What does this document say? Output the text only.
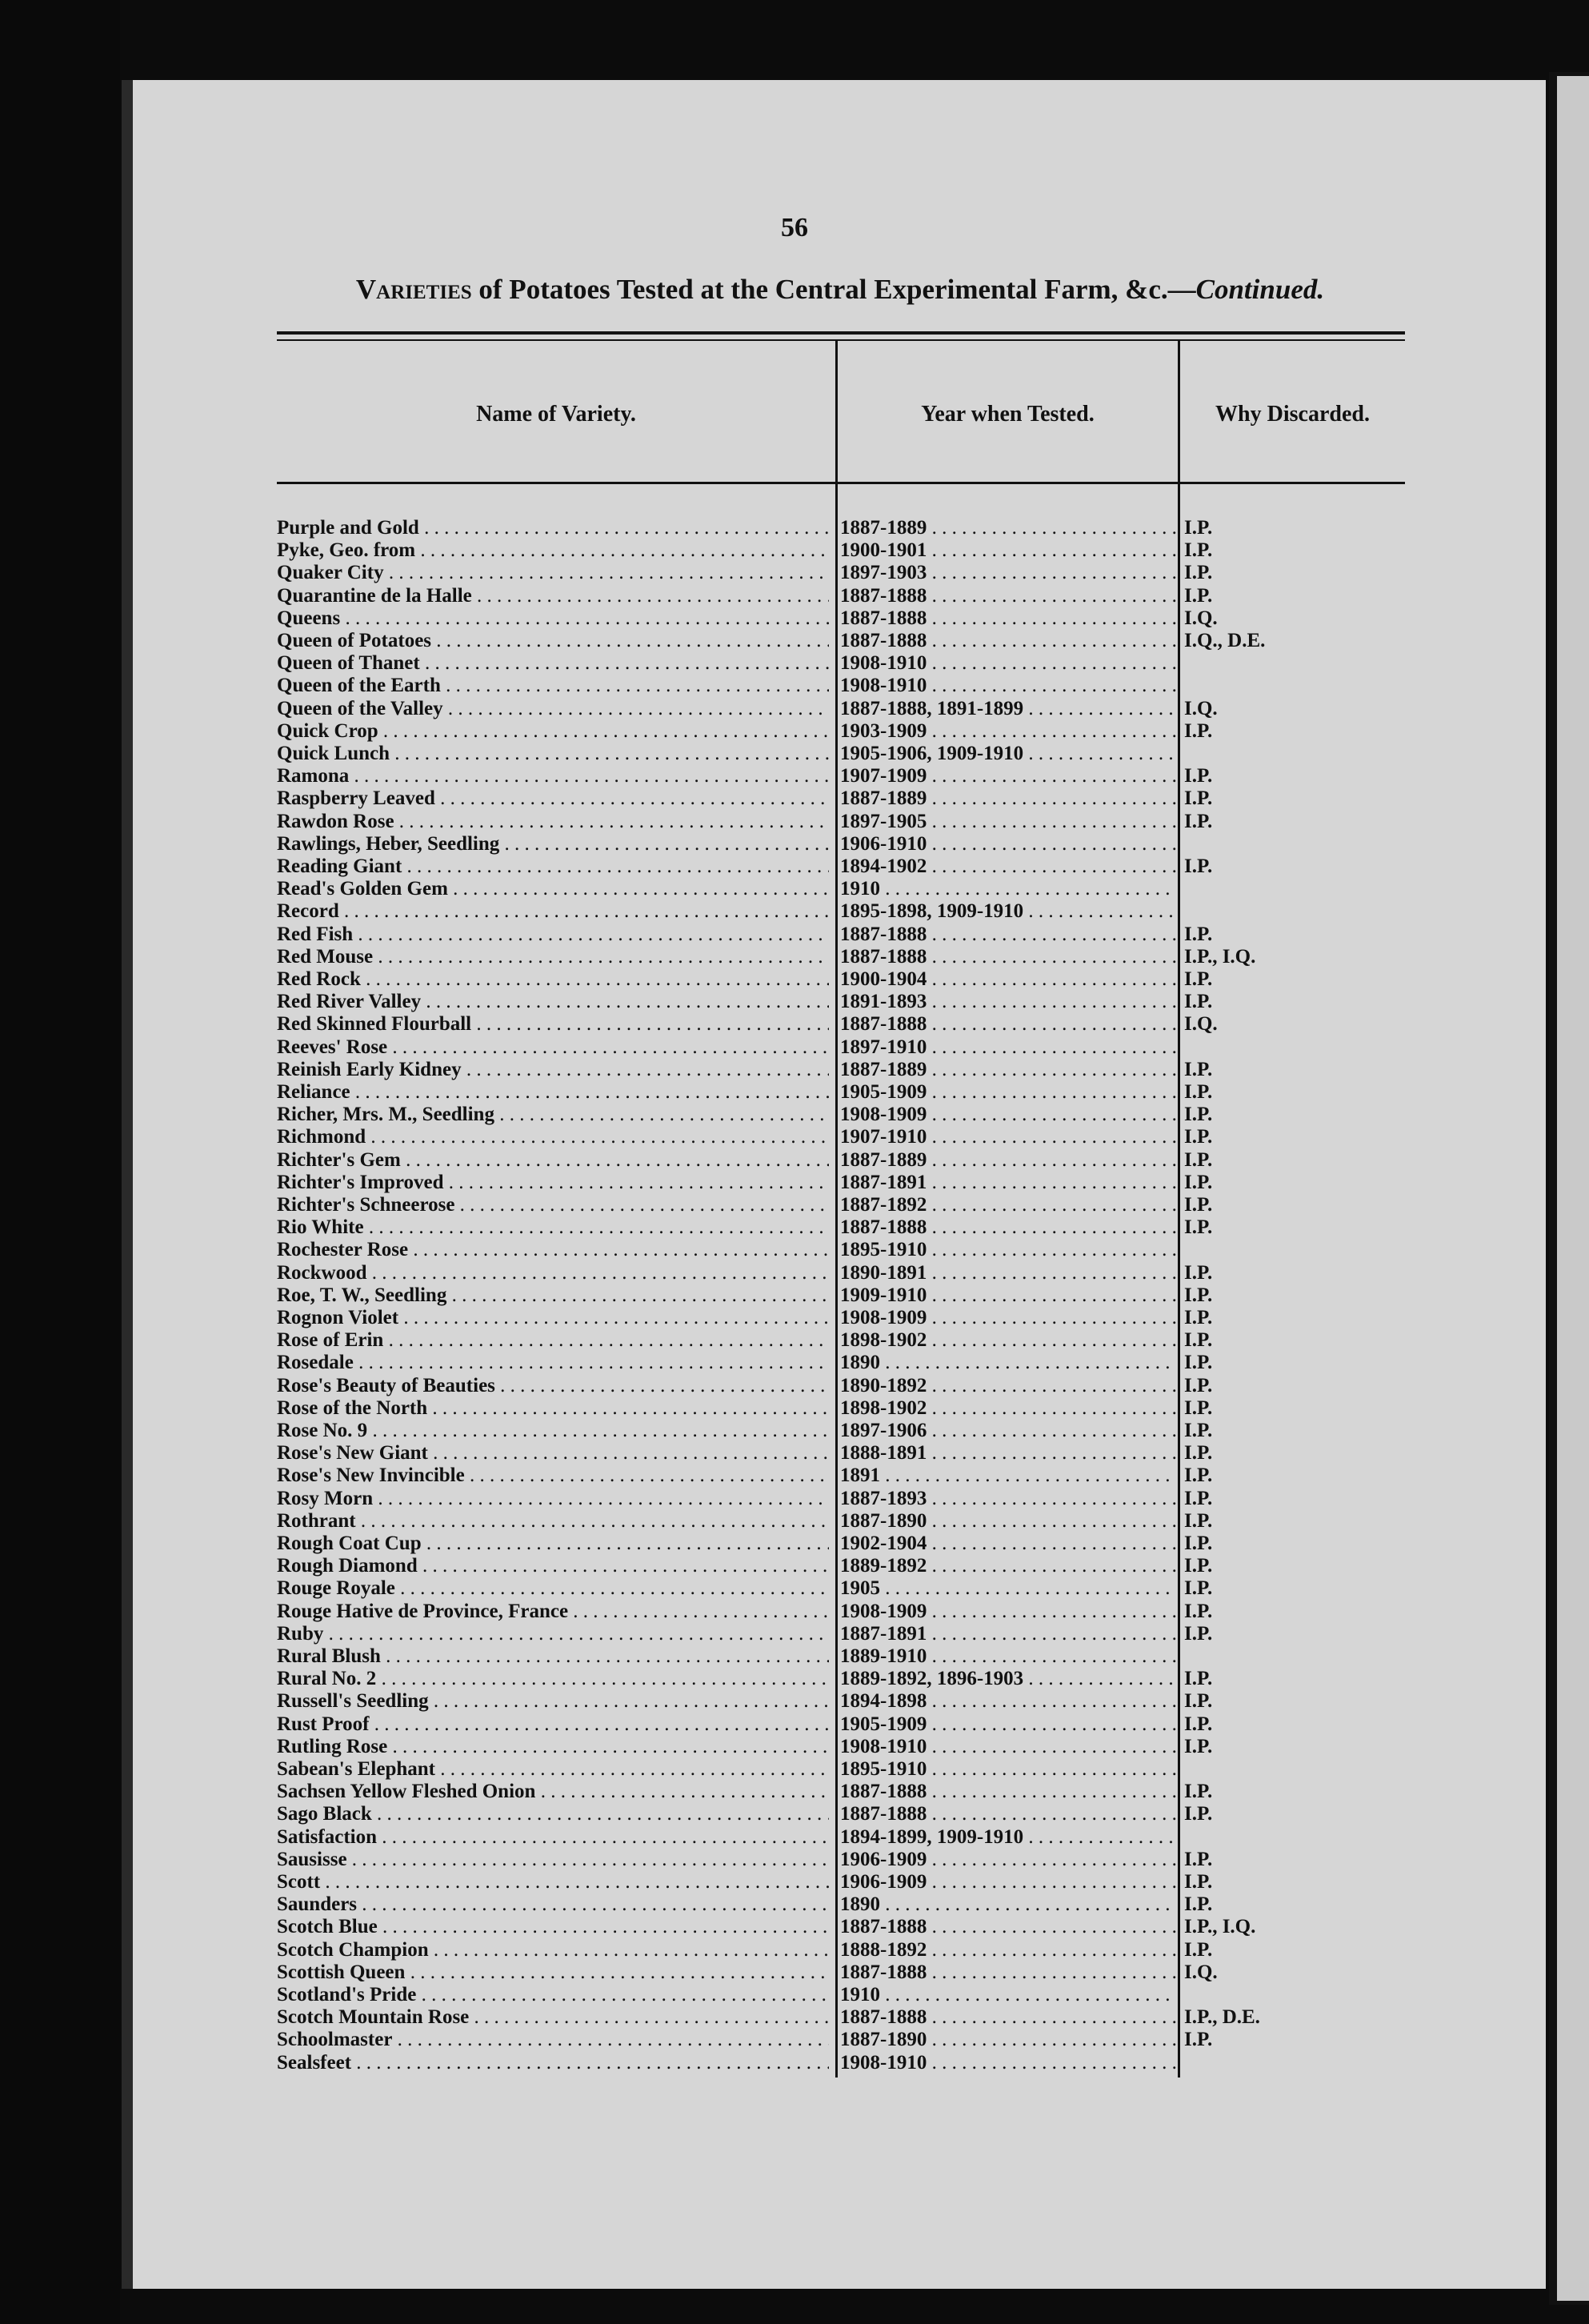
56
Varieties of Potatoes Tested at the Central Experimental Farm, &c.—Continued.
Name of Variety.	Year when Tested.	Why Discarded.
Purple and Gold . . .	1887-1889 . . .	I.P.
Pyke, Geo. from . . .	1900-1901 . . .	I.P.
Quaker City . . .	1897-1903 . . .	I.P.
Quarantine de la Halle . . .	1887-1888 . . .	I.P.
Queens . . .	1887-1888 . . .	I.Q.
Queen of Potatoes . . .	1887-1888 . . .	I.Q., D.E.
Queen of Thanet . . .	1908-1910 . . .
Queen of the Earth . . .	1908-1910 . . .
Queen of the Valley . . .	1887-1888, 1891-1899 . . .	I.Q.
Quick Crop . . .	1903-1909 . . .	I.P.
Quick Lunch . . .	1905-1906, 1909-1910 . . .
Ramona . . .	1907-1909 . . .	I.P.
Raspberry Leaved . . .	1887-1889 . . .	I.P.
Rawdon Rose . . .	1897-1905 . . .	I.P.
Rawlings, Heber, Seedling . . .	1906-1910 . . .
Reading Giant . . .	1894-1902 . . .	I.P.
Read's Golden Gem . . .	1910 . . .
Record . . .	1895-1898, 1909-1910 . . .
Red Fish . . .	1887-1888 . . .	I.P.
Red Mouse . . .	1887-1888 . . .	I.P., I.Q.
Red Rock . . .	1900-1904 . . .	I.P.
Red River Valley . . .	1891-1893 . . .	I.P.
Red Skinned Flourball . . .	1887-1888 . . .	I.Q.
Reeves' Rose . . .	1897-1910 . . .
Reinish Early Kidney . . .	1887-1889 . . .	I.P.
Reliance . . .	1905-1909 . . .	I.P.
Richer, Mrs. M., Seedling . . .	1908-1909 . . .	I.P.
Richmond . . .	1907-1910 . . .	I.P.
Richter's Gem . . .	1887-1889 . . .	I.P.
Richter's Improved . . .	1887-1891 . . .	I.P.
Richter's Schneerose . . .	1887-1892 . . .	I.P.
Rio White . . .	1887-1888 . . .	I.P.
Rochester Rose . . .	1895-1910 . . .
Rockwood . . .	1890-1891 . . .	I.P.
Roe, T. W., Seedling . . .	1909-1910 . . .	I.P.
Rognon Violet . . .	1908-1909 . . .	I.P.
Rose of Erin . . .	1898-1902 . . .	I.P.
Rosedale . . .	1890 . . .	I.P.
Rose's Beauty of Beauties . . .	1890-1892 . . .	I.P.
Rose of the North . . .	1898-1902 . . .	I.P.
Rose No. 9 . . .	1897-1906 . . .	I.P.
Rose's New Giant . . .	1888-1891 . . .	I.P.
Rose's New Invincible . . .	1891 . . .	I.P.
Rosy Morn . . .	1887-1893 . . .	I.P.
Rothrant . . .	1887-1890 . . .	I.P.
Rough Coat Cup . . .	1902-1904 . . .	I.P.
Rough Diamond . . .	1889-1892 . . .	I.P.
Rouge Royale . . .	1905 . . .	I.P.
Rouge Hative de Province, France . . .	1908-1909 . . .	I.P.
Ruby . . .	1887-1891 . . .	I.P.
Rural Blush . . .	1889-1910 . . .
Rural No. 2 . . .	1889-1892, 1896-1903 . . .	I.P.
Russell's Seedling . . .	1894-1898 . . .	I.P.
Rust Proof . . .	1905-1909 . . .	I.P.
Rutling Rose . . .	1908-1910 . . .	I.P.
Sabean's Elephant . . .	1895-1910 . . .
Sachsen Yellow Fleshed Onion . . .	1887-1888 . . .	I.P.
Sago Black . . .	1887-1888 . . .	I.P.
Satisfaction . . .	1894-1899, 1909-1910 . . .
Sausisse . . .	1906-1909 . . .	I.P.
Scott . . .	1906-1909 . . .	I.P.
Saunders . . .	1890 . . .	I.P.
Scotch Blue . . .	1887-1888 . . .	I.P., I.Q.
Scotch Champion . . .	1888-1892 . . .	I.P.
Scottish Queen . . .	1887-1888 . . .	I.Q.
Scotland's Pride . . .	1910 . . .
Scotch Mountain Rose . . .	1887-1888 . . .	I.P., D.E.
Schoolmaster . . .	1887-1890 . . .	I.P.
Sealsfeet . . .	1908-1910 . . .
